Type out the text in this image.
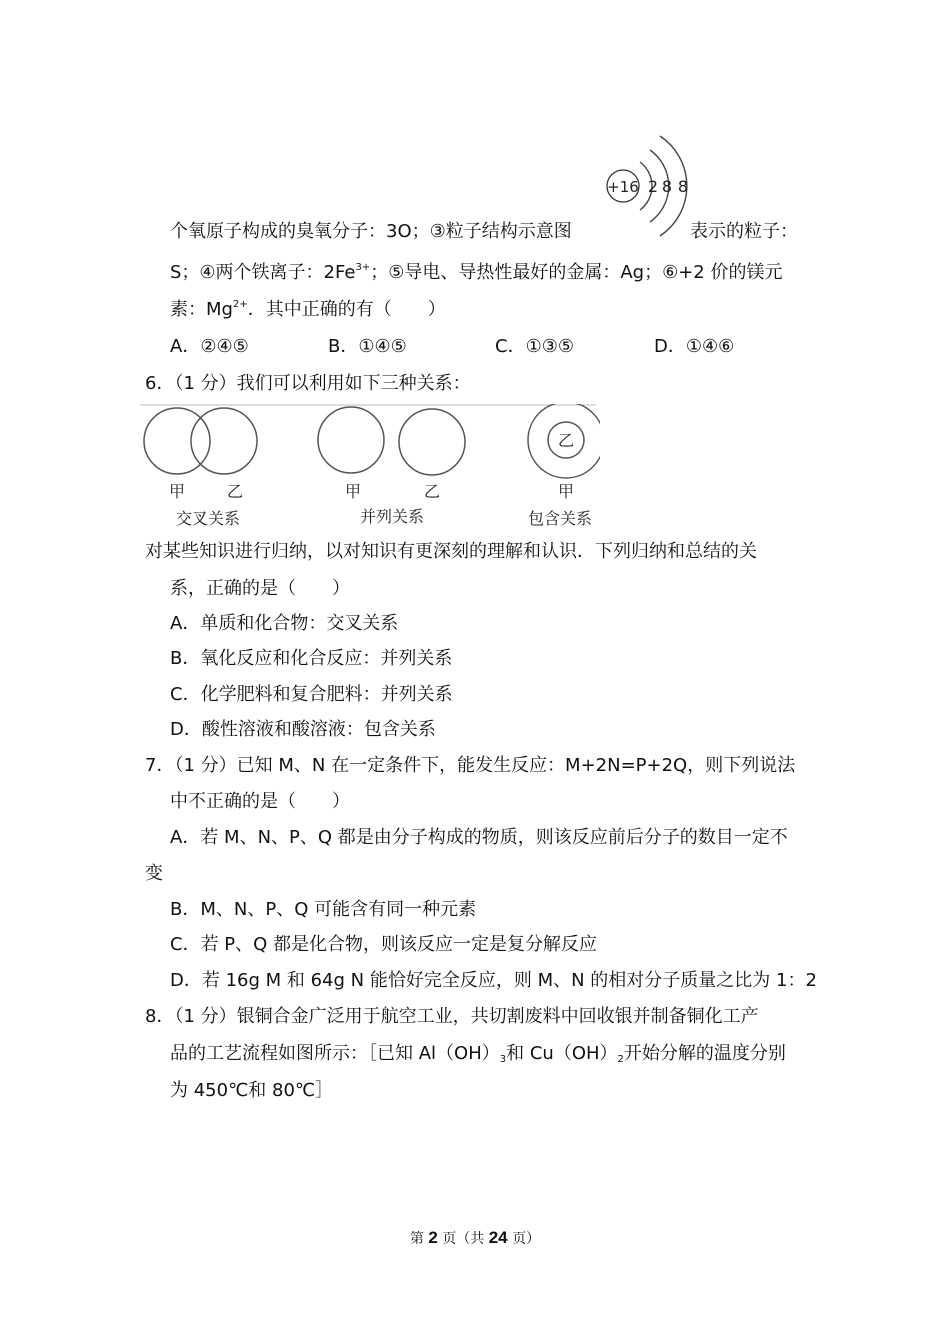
个氧原子构成的臭氧分子：3O；③粒子结构示意图
+16 2 8 8
表示的粒子：
S；④两个铁离子：$2Fe^{3+}$；⑤导电、导热性最好的金属：Ag；⑥+2 价的镁元
素：$Mg^{2+}$．其中正确的有（　　）
A．②④⑤	B．①④⑤	C．①③⑤	D．①④⑥
6．（1 分）我们可以利用如下三种关系：
甲	乙
交叉关系
甲	乙
并列关系
乙
甲
包含关系
对某些知识进行归纳，以对知识有更深刻的理解和认识．下列归纳和总结的关
系，正确的是（　　）
A．单质和化合物：交叉关系
B．氧化反应和化合反应：并列关系
C．化学肥料和复合肥料：并列关系
D．酸性溶液和酸溶液：包含关系
7．（1 分）已知 M、N 在一定条件下，能发生反应：M+2N=P+2Q，则下列说法
中不正确的是（　　）
A．若 M、N、P、Q 都是由分子构成的物质，则该反应前后分子的数目一定不
变
B．M、N、P、Q 可能含有同一种元素
C．若 P、Q 都是化合物，则该反应一定是复分解反应
D．若 16g M 和 64g N 能恰好完全反应，则 M、N 的相对分子质量之比为 1：2
8．（1 分）银铜合金广泛用于航空工业，共切割废料中回收银并制备铜化工产
品的工艺流程如图所示：［已知 $Al(OH)_3$和 $Cu(OH)_2$开始分解的温度分别
为 450℃和 80℃］
第 2 页（共 24 页）
